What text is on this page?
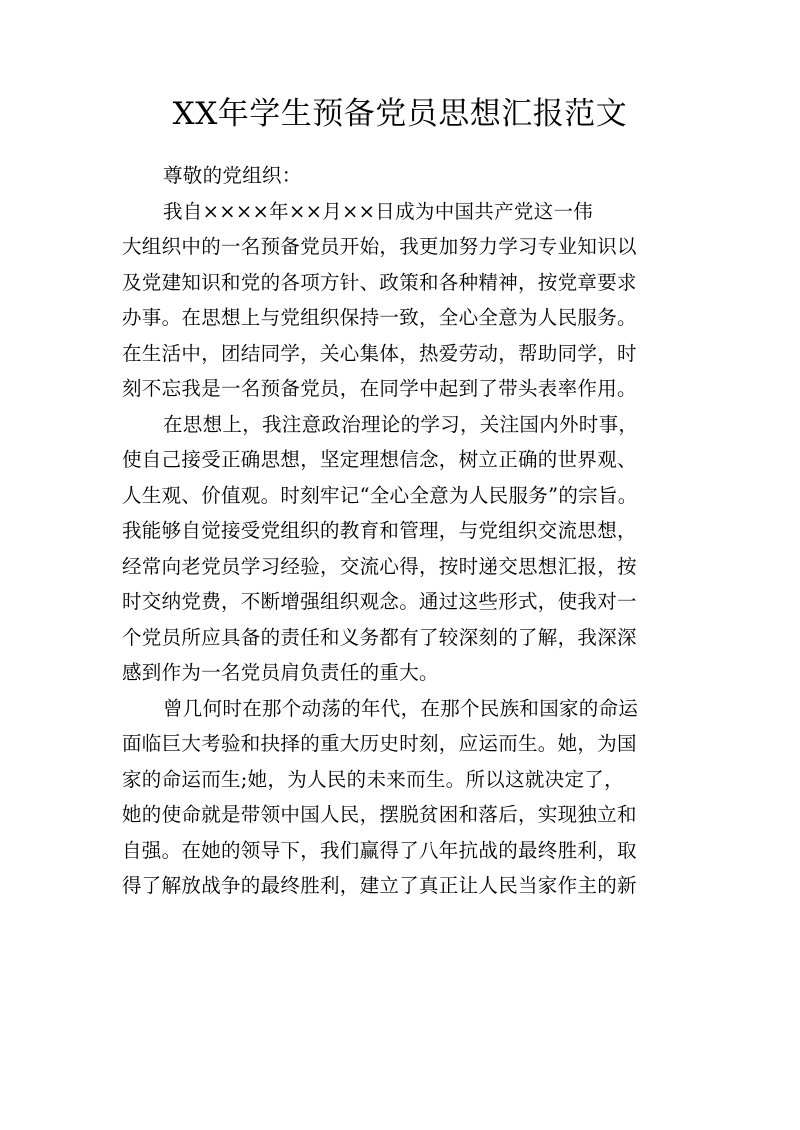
XX年学生预备党员思想汇报范文
尊敬的党组织：
我自××××年××月××日成为中国共产党这一伟
大组织中的一名预备党员开始，我更加努力学习专业知识以
及党建知识和党的各项方针、政策和各种精神，按党章要求
办事。在思想上与党组织保持一致，全心全意为人民服务。
在生活中，团结同学，关心集体，热爱劳动，帮助同学，时
刻不忘我是一名预备党员，在同学中起到了带头表率作用。
在思想上，我注意政治理论的学习，关注国内外时事，
使自己接受正确思想，坚定理想信念，树立正确的世界观、
人生观、价值观。时刻牢记“全心全意为人民服务”的宗旨。
我能够自觉接受党组织的教育和管理，与党组织交流思想，
经常向老党员学习经验，交流心得，按时递交思想汇报，按
时交纳党费，不断增强组织观念。通过这些形式，使我对一
个党员所应具备的责任和义务都有了较深刻的了解，我深深
感到作为一名党员肩负责任的重大。
曾几何时在那个动荡的年代，在那个民族和国家的命运
面临巨大考验和抉择的重大历史时刻，应运而生。她，为国
家的命运而生;她，为人民的未来而生。所以这就决定了，
她的使命就是带领中国人民，摆脱贫困和落后，实现独立和
自强。在她的领导下，我们赢得了八年抗战的最终胜利，取
得了解放战争的最终胜利，建立了真正让人民当家作主的新
